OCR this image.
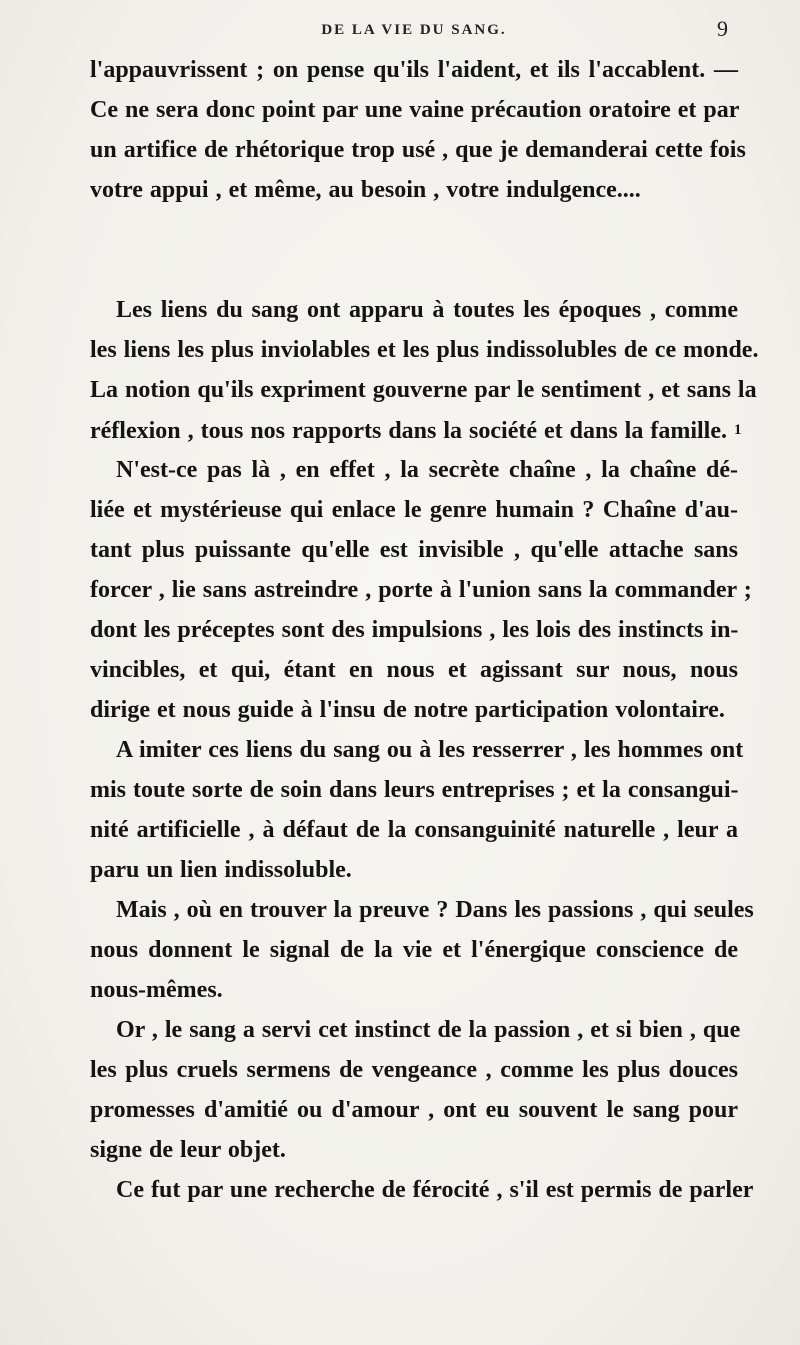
DE LA VIE DU SANG.	9

l'appauvrissent ; on pense qu'ils l'aident, et ils l'accablent. —
Ce ne sera donc point par une vaine précaution oratoire et par
un artifice de rhétorique trop usé , que je demanderai cette fois
votre appui , et même, au besoin , votre indulgence....
Les liens du sang ont apparu à toutes les époques , comme
les liens les plus inviolables et les plus indissolubles de ce monde.
La notion qu'ils expriment gouverne par le sentiment , et sans la
réflexion , tous nos rapports dans la société et dans la famille. 1
N'est-ce pas là , en effet , la secrète chaîne , la chaîne dé-
liée et mystérieuse qui enlace le genre humain ? Chaîne d'au-
tant plus puissante qu'elle est invisible , qu'elle attache sans
forcer , lie sans astreindre , porte à l'union sans la commander ;
dont les préceptes sont des impulsions , les lois des instincts in-
vincibles, et qui, étant en nous et agissant sur nous, nous
dirige et nous guide à l'insu de notre participation volontaire.
A imiter ces liens du sang ou à les resserrer , les hommes ont
mis toute sorte de soin dans leurs entreprises ; et la consangui-
nité artificielle , à défaut de la consanguinité naturelle , leur a
paru un lien indissoluble.
Mais , où en trouver la preuve ? Dans les passions , qui seules
nous donnent le signal de la vie et l'énergique conscience de
nous-mêmes.
Or , le sang a servi cet instinct de la passion , et si bien , que
les plus cruels sermens de vengeance , comme les plus douces
promesses d'amitié ou d'amour , ont eu souvent le sang pour
signe de leur objet.
Ce fut par une recherche de férocité , s'il est permis de parler
